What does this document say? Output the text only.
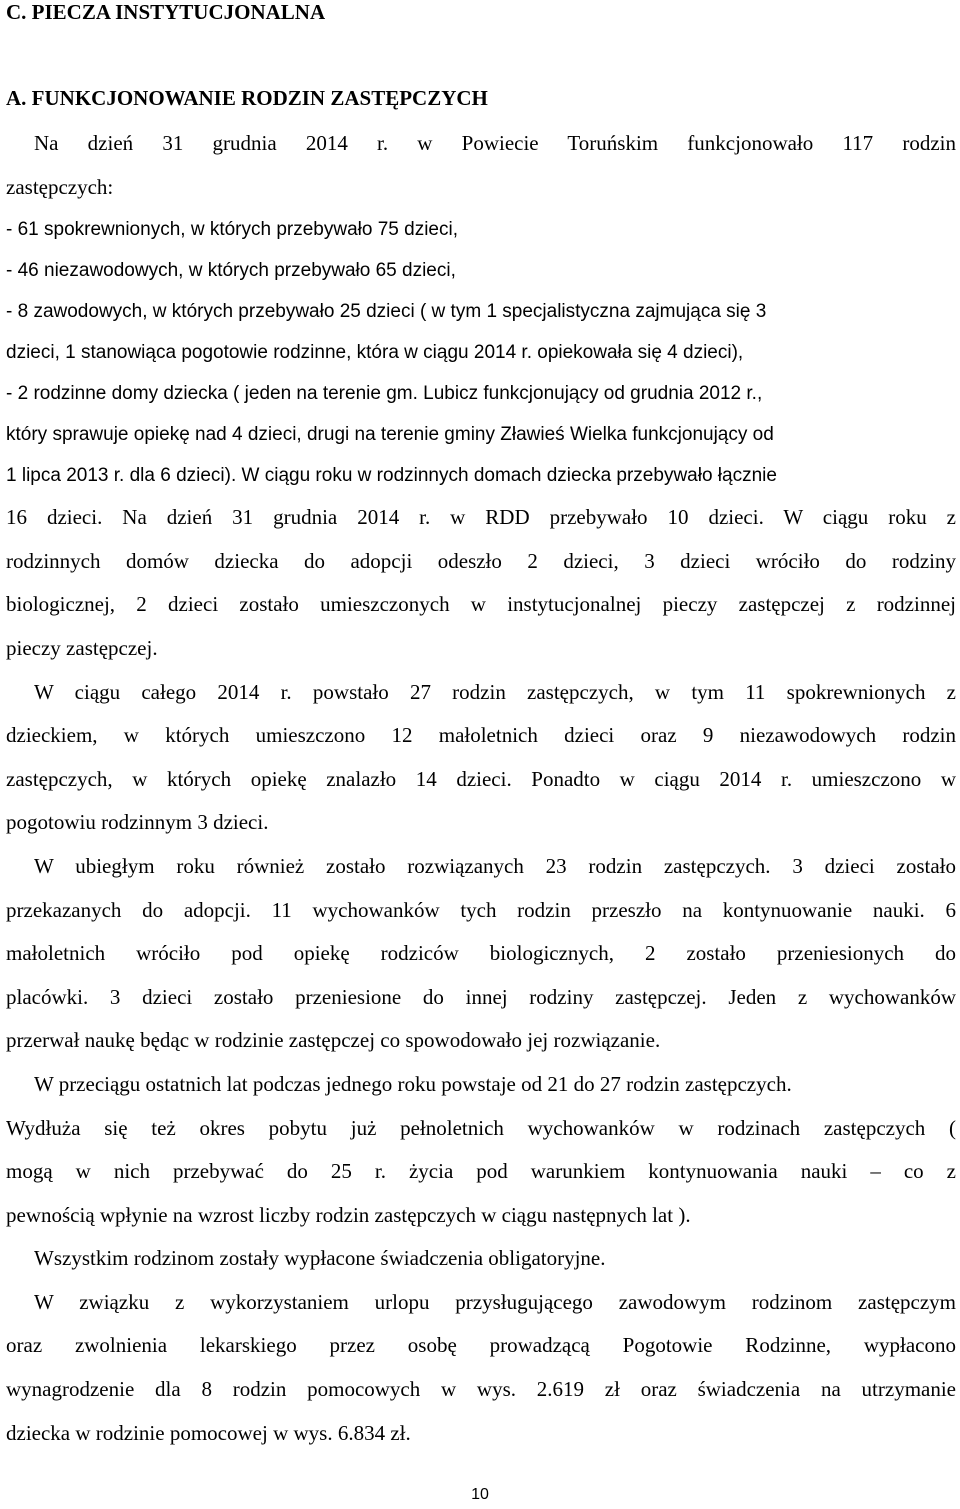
C. PIECZA INSTYTUCJONALNA
A. FUNKCJONOWANIE RODZIN ZASTĘPCZYCH
Na dzień 31 grudnia 2014 r. w Powiecie Toruńskim funkcjonowało 117 rodzin
zastępczych:
- 61 spokrewnionych, w których przebywało 75 dzieci,
- 46 niezawodowych, w których przebywało 65 dzieci,
- 8 zawodowych, w których przebywało 25 dzieci ( w tym 1 specjalistyczna zajmująca się 3
dzieci, 1 stanowiąca pogotowie rodzinne, która w ciągu 2014 r. opiekowała się 4 dzieci),
- 2 rodzinne domy dziecka ( jeden na terenie gm. Lubicz funkcjonujący od grudnia 2012 r.,
który sprawuje opiekę nad 4 dzieci, drugi na terenie gminy Zławieś Wielka funkcjonujący od
1 lipca 2013 r. dla 6 dzieci). W ciągu roku w rodzinnych domach dziecka przebywało łącznie
16 dzieci. Na dzień 31 grudnia 2014 r. w RDD przebywało 10 dzieci. W ciągu roku z
rodzinnych domów dziecka do adopcji odeszło 2 dzieci, 3 dzieci wróciło do rodziny
biologicznej, 2 dzieci zostało umieszczonych w instytucjonalnej pieczy zastępczej z rodzinnej
pieczy zastępczej.
W ciągu całego 2014 r. powstało 27 rodzin zastępczych, w tym 11 spokrewnionych z
dzieckiem, w których umieszczono 12 małoletnich dzieci oraz 9 niezawodowych rodzin
zastępczych, w których opiekę znalazło 14 dzieci. Ponadto w ciągu 2014 r. umieszczono w
pogotowiu rodzinnym 3 dzieci.
W ubiegłym roku również zostało rozwiązanych 23 rodzin zastępczych. 3 dzieci zostało
przekazanych do adopcji. 11 wychowanków tych rodzin przeszło na kontynuowanie nauki. 6
małoletnich wróciło pod opiekę rodziców biologicznych, 2 zostało przeniesionych do
placówki. 3 dzieci zostało przeniesione do innej rodziny zastępczej. Jeden z wychowanków
przerwał naukę będąc w rodzinie zastępczej co spowodowało jej rozwiązanie.
W przeciągu ostatnich lat podczas jednego roku powstaje od 21 do 27 rodzin zastępczych.
Wydłuża się też okres pobytu już pełnoletnich wychowanków w rodzinach zastępczych (
mogą w nich przebywać do 25 r. życia pod warunkiem kontynuowania nauki – co z
pewnością wpłynie na wzrost liczby rodzin zastępczych w ciągu następnych lat ).
Wszystkim rodzinom zostały wypłacone świadczenia obligatoryjne.
W związku z wykorzystaniem urlopu przysługującego zawodowym rodzinom zastępczym
oraz zwolnienia lekarskiego przez osobę prowadzącą Pogotowie Rodzinne, wypłacono
wynagrodzenie dla 8 rodzin pomocowych w wys. 2.619 zł oraz świadczenia na utrzymanie
dziecka w rodzinie pomocowej w wys. 6.834 zł.
10
